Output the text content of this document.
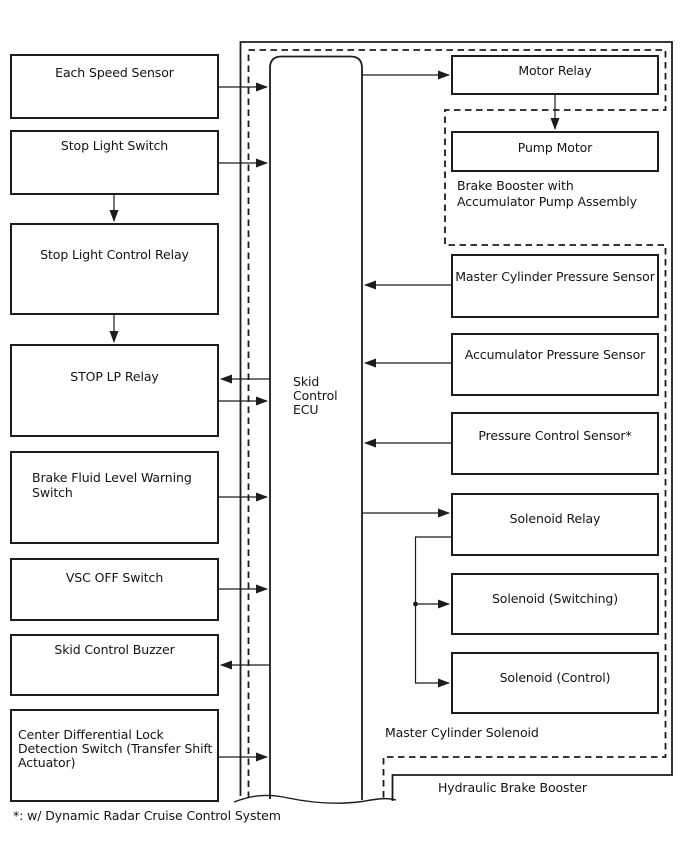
Each Speed Sensor
Stop Light Switch
Stop Light Control Relay
STOP LP Relay
Brake Fluid Level Warning
Switch
VSC OFF Switch
Skid Control Buzzer
Center Differential Lock
Detection Switch (Transfer Shift
Actuator)
Skid
Control
ECU
Motor Relay
Pump Motor
Master Cylinder Pressure Sensor
Accumulator Pressure Sensor
Pressure Control Sensor*
Solenoid Relay
Solenoid (Switching)
Solenoid (Control)
Brake Booster with
Accumulator Pump Assembly
Master Cylinder Solenoid
Hydraulic Brake Booster
*: w/ Dynamic Radar Cruise Control System
